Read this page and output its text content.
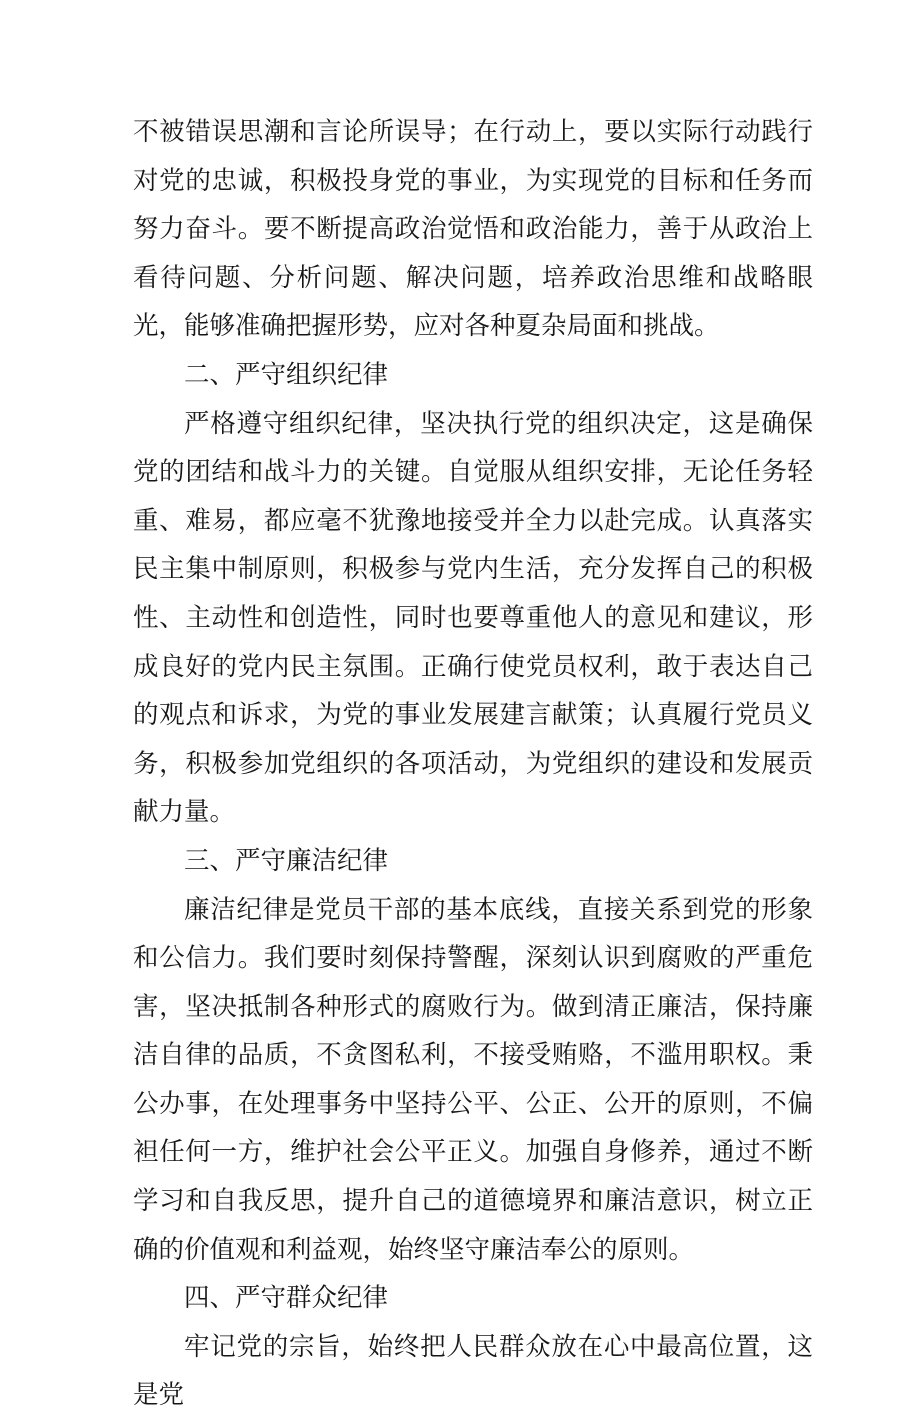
不被错误思潮和言论所误导；在行动上，要以实际行动践行对党的忠诚，积极投身党的事业，为实现党的目标和任务而努力奋斗。要不断提高政治觉悟和政治能力，善于从政治上看待问题、分析问题、解决问题，培养政治思维和战略眼光，能够准确把握形势，应对各种夏杂局面和挑战。

二、严守组织纪律

严格遵守组织纪律，坚决执行党的组织决定，这是确保党的团结和战斗力的关键。自觉服从组织安排，无论任务轻重、难易，都应毫不犹豫地接受并全力以赴完成。认真落实民主集中制原则，积极参与党内生活，充分发挥自己的积极性、主动性和创造性，同时也要尊重他人的意见和建议，形成良好的党内民主氛围。正确行使党员权利，敢于表达自己的观点和诉求，为党的事业发展建言献策；认真履行党员义务，积极参加党组织的各项活动，为党组织的建设和发展贡献力量。

三、严守廉洁纪律

廉洁纪律是党员干部的基本底线，直接关系到党的形象和公信力。我们要时刻保持警醒，深刻认识到腐败的严重危害，坚决抵制各种形式的腐败行为。做到清正廉洁，保持廉洁自律的品质，不贪图私利，不接受贿赂，不滥用职权。秉公办事，在处理事务中坚持公平、公正、公开的原则，不偏袒任何一方，维护社会公平正义。加强自身修养，通过不断学习和自我反思，提升自己的道德境界和廉洁意识，树立正确的价值观和利益观，始终坚守廉洁奉公的原则。

四、严守群众纪律

牢记党的宗旨，始终把人民群众放在心中最高位置，这是党
